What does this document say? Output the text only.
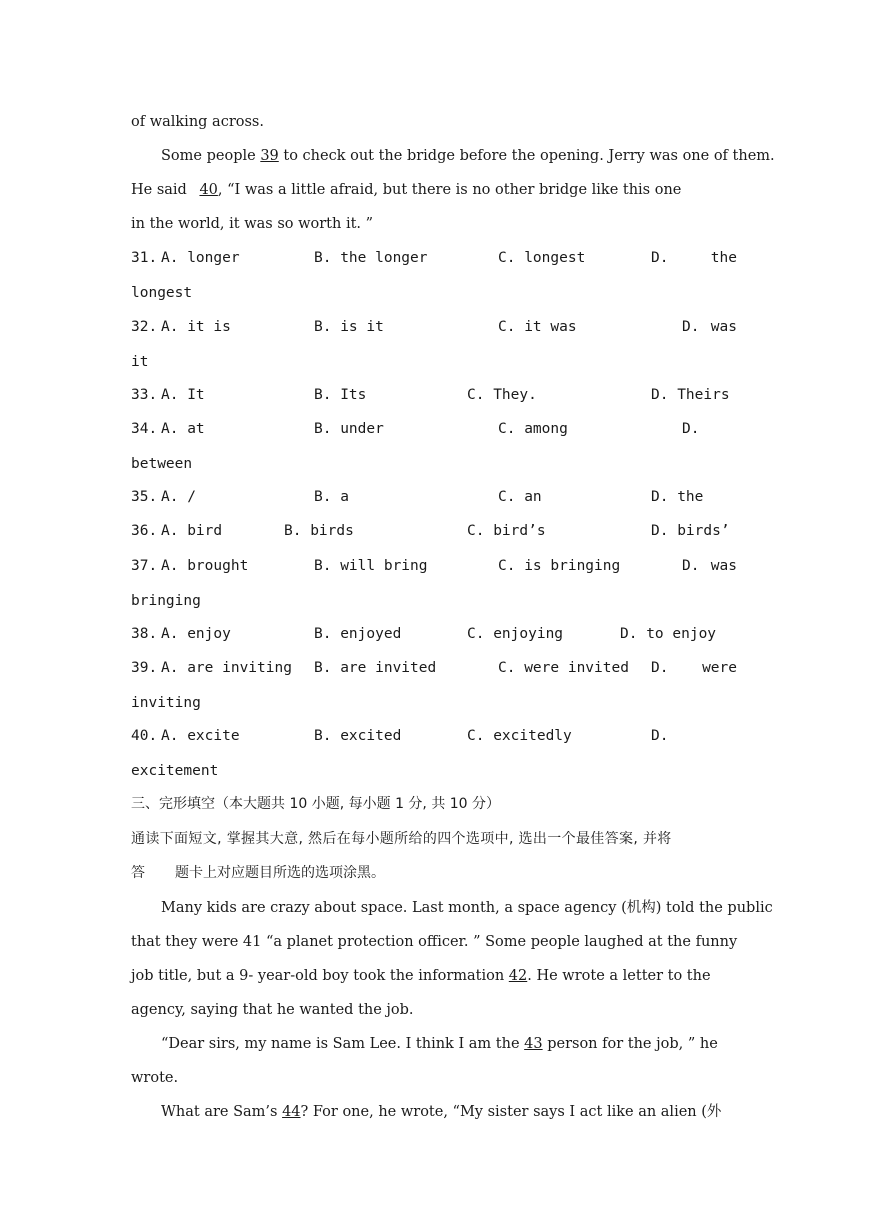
of walking across.
Some people 39 to check out the bridge before the opening. Jerry was one of them.
He said 40, “I was a little afraid, but there is no other bridge like this one
in the world, it was so worth it. ”
31. A. longer	B. the longer	C. longest	D.	the
longest
32. A. it is	B. is it	C. it was	D. was
it
33. A. It	B. Its	C. They.	D. Theirs
34. A. at	B. under	C. among	D.
between
35. A. /	B. a	C. an	D. the
36. A. bird	B. birds	C. bird’s	D. birds’
37. A. brought	B. will bring	C. is bringing	D. was
bringing
38. A. enjoy	B. enjoyed	C. enjoying	D. to enjoy
39. A. are inviting B. are invited	C. were invited D. were
inviting
40. A. excite	B. excited	C. excitedly	D.
excitement
三、完形填空（本大题共 10 小题, 每小题 1 分, 共 10 分）
通读下面短文, 掌握其大意, 然后在每小题所给的四个选项中, 选出一个最佳答案, 并将
答 题卡上对应题目所选的选项涂黑。
Many kids are crazy about space. Last month, a space agency (机构) told the public
that they were 41 “a planet protection officer. ” Some people laughed at the funny
job title, but a 9- year-old boy took the information 42. He wrote a letter to the
agency, saying that he wanted the job.
“Dear sirs, my name is Sam Lee. I think I am the 43 person for the job, ” he
wrote.
What are Sam’s 44? For one, he wrote, “My sister says I act like an alien (外
